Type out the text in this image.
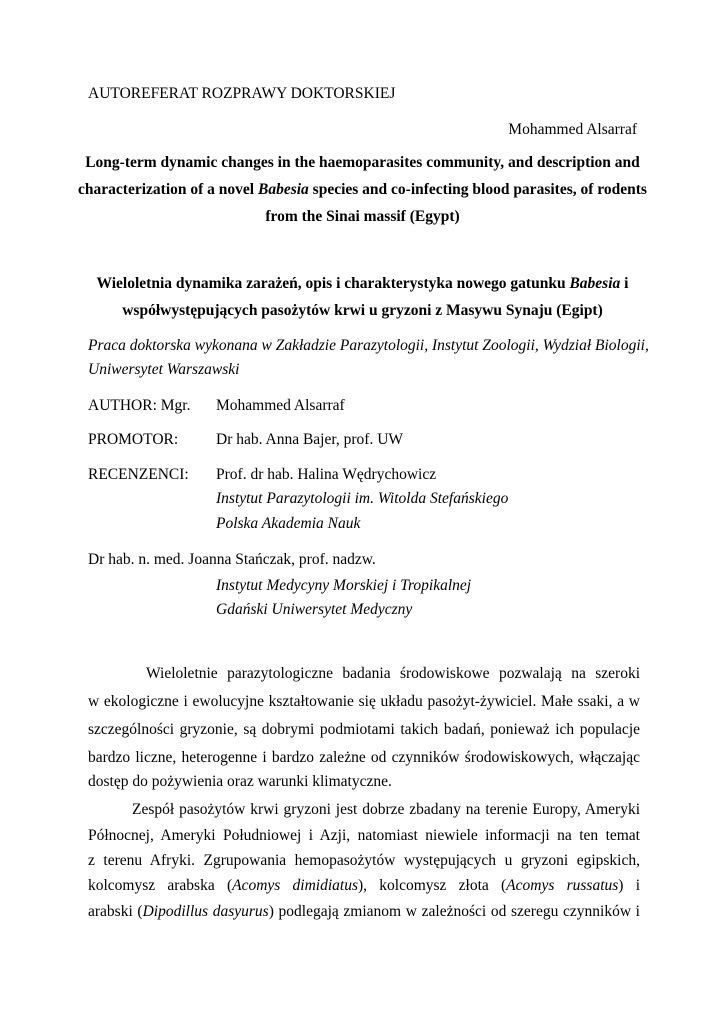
AUTOREFERAT ROZPRAWY DOKTORSKIEJ
Mohammed Alsarraf
Long-term dynamic changes in the haemoparasites community, and description and
characterization of a novel Babesia species and co-infecting blood parasites, of rodents
from the Sinai massif (Egypt)
Wieloletnia dynamika zarażeń, opis i charakterystyka nowego gatunku Babesia i
współwystępujących pasożytów krwi u gryzoni z Masywu Synaju (Egipt)
Praca doktorska wykonana w Zakładzie Parazytologii, Instytut Zoologii, Wydział Biologii,
Uniwersytet Warszawski
AUTHOR: Mgr. Mohammed Alsarraf
PROMOTOR: Dr hab. Anna Bajer, prof. UW
RECENZENCI: Prof. dr hab. Halina Wędrychowicz
Instytut Parazytologii im. Witolda Stefańskiego
Polska Akademia Nauk
Dr hab. n. med. Joanna Stańczak, prof. nadzw.
Instytut Medycyny Morskiej i Tropikalnej
Gdański Uniwersytet Medyczny
Wieloletnie parazytologiczne badania środowiskowe pozwalają na szeroki
w ekologiczne i ewolucyjne kształtowanie się układu pasożyt-żywiciel. Małe ssaki, a w
szczególności gryzonie, są dobrymi podmiotami takich badań, ponieważ ich populacje
bardzo liczne, heterogenne i bardzo zależne od czynników środowiskowych, włączając
dostęp do pożywienia oraz warunki klimatyczne.
Zespół pasożytów krwi gryzoni jest dobrze zbadany na terenie Europy, Ameryki
Północnej, Ameryki Południowej i Azji, natomiast niewiele informacji na ten temat
z terenu Afryki. Zgrupowania hemopasożytów występujących u gryzoni egipskich,
kolcomysz arabska (Acomys dimidiatus), kolcomysz złota (Acomys russatus) i
arabski (Dipodillus dasyurus) podlegają zmianom w zależności od szeregu czynników i
